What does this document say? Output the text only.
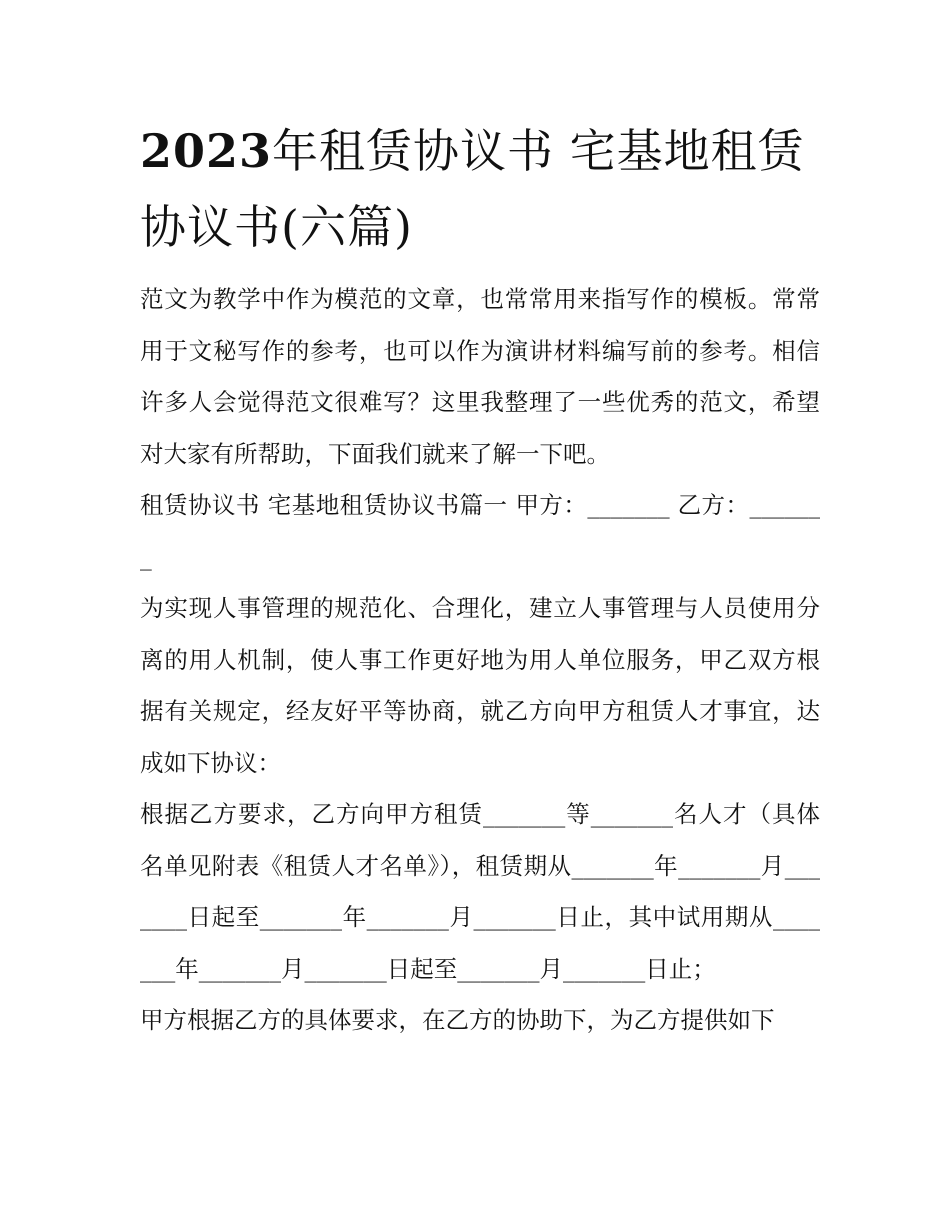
2023年租赁协议书 宅基地租赁协议书(六篇)

范文为教学中作为模范的文章，也常常用来指写作的模板。常常用于文秘写作的参考，也可以作为演讲材料编写前的参考。相信许多人会觉得范文很难写？这里我整理了一些优秀的范文，希望对大家有所帮助，下面我们就来了解一下吧。

租赁协议书 宅基地租赁协议书篇一 甲方：_______ 乙方：_______

为实现人事管理的规范化、合理化，建立人事管理与人员使用分离的用人机制，使人事工作更好地为用人单位服务，甲乙双方根据有关规定，经友好平等协商，就乙方向甲方租赁人才事宜，达成如下协议：

根据乙方要求，乙方向甲方租赁_______等_______名人才（具体名单见附表《租赁人才名单》），租赁期从_______年_______月_______日起至_______年_______月_______日止，其中试用期从_______年_______月_______日起至_______月_______日止；

甲方根据乙方的具体要求，在乙方的协助下，为乙方提供如下
